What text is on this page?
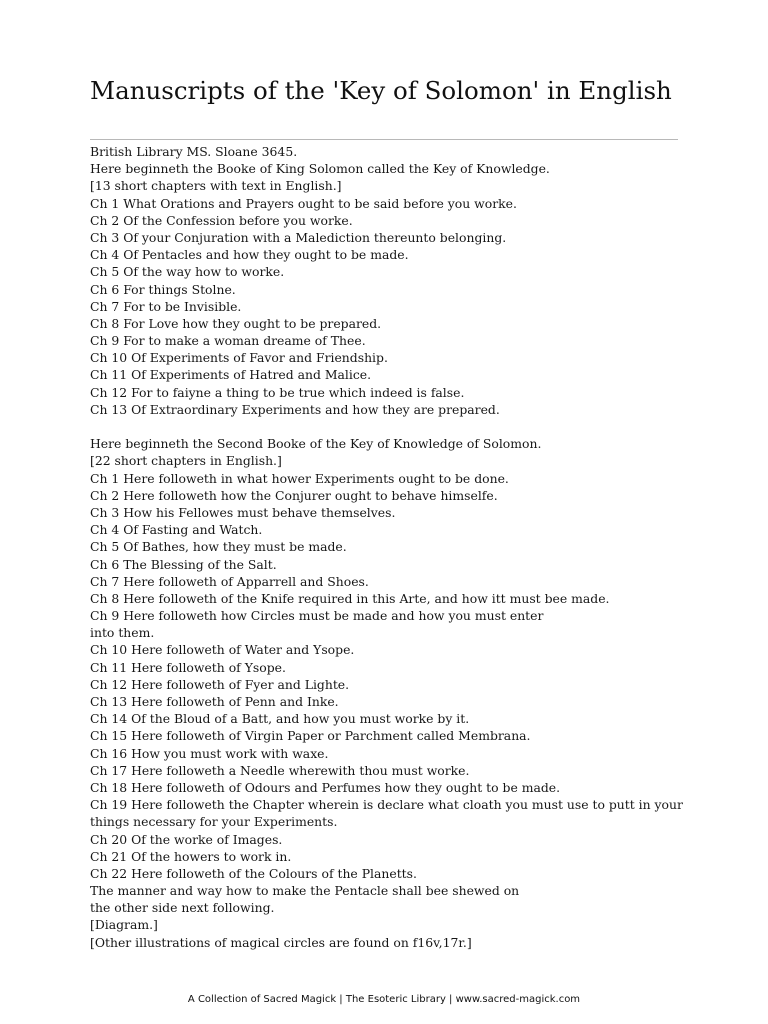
Manuscripts of the 'Key of Solomon' in English
British Library MS. Sloane 3645.
Here beginneth the Booke of King Solomon called the Key of Knowledge.
[13 short chapters with text in English.]
Ch 1 What Orations and Prayers ought to be said before you worke.
Ch 2 Of the Confession before you worke.
Ch 3 Of your Conjuration with a Malediction thereunto belonging.
Ch 4 Of Pentacles and how they ought to be made.
Ch 5 Of the way how to worke.
Ch 6 For things Stolne.
Ch 7 For to be Invisible.
Ch 8 For Love how they ought to be prepared.
Ch 9 For to make a woman dreame of Thee.
Ch 10 Of Experiments of Favor and Friendship.
Ch 11 Of Experiments of Hatred and Malice.
Ch 12 For to faiyne a thing to be true which indeed is false.
Ch 13 Of Extraordinary Experiments and how they are prepared.
Here beginneth the Second Booke of the Key of Knowledge of Solomon.
[22 short chapters in English.]
Ch 1 Here followeth in what hower Experiments ought to be done.
Ch 2 Here followeth how the Conjurer ought to behave himselfe.
Ch 3 How his Fellowes must behave themselves.
Ch 4 Of Fasting and Watch.
Ch 5 Of Bathes, how they must be made.
Ch 6 The Blessing of the Salt.
Ch 7 Here followeth of Apparrell and Shoes.
Ch 8 Here followeth of the Knife required in this Arte, and how itt must bee made.
Ch 9 Here followeth how Circles must be made and how you must enter
into them.
Ch 10 Here followeth of Water and Ysope.
Ch 11 Here followeth of Ysope.
Ch 12 Here followeth of Fyer and Lighte.
Ch 13 Here followeth of Penn and Inke.
Ch 14 Of the Bloud of a Batt, and how you must worke by it.
Ch 15 Here followeth of Virgin Paper or Parchment called Membrana.
Ch 16 How you must work with waxe.
Ch 17 Here followeth a Needle wherewith thou must worke.
Ch 18 Here followeth of Odours and Perfumes how they ought to be made.
Ch 19 Here followeth the Chapter wherein is declare what cloath you must use to putt in your
things necessary for your Experiments.
Ch 20 Of the worke of Images.
Ch 21 Of the howers to work in.
Ch 22 Here followeth of the Colours of the Planetts.
The manner and way how to make the Pentacle shall bee shewed on
the other side next following.
[Diagram.]
[Other illustrations of magical circles are found on f16v,17r.]
A Collection of Sacred Magick | The Esoteric Library | www.sacred-magick.com
